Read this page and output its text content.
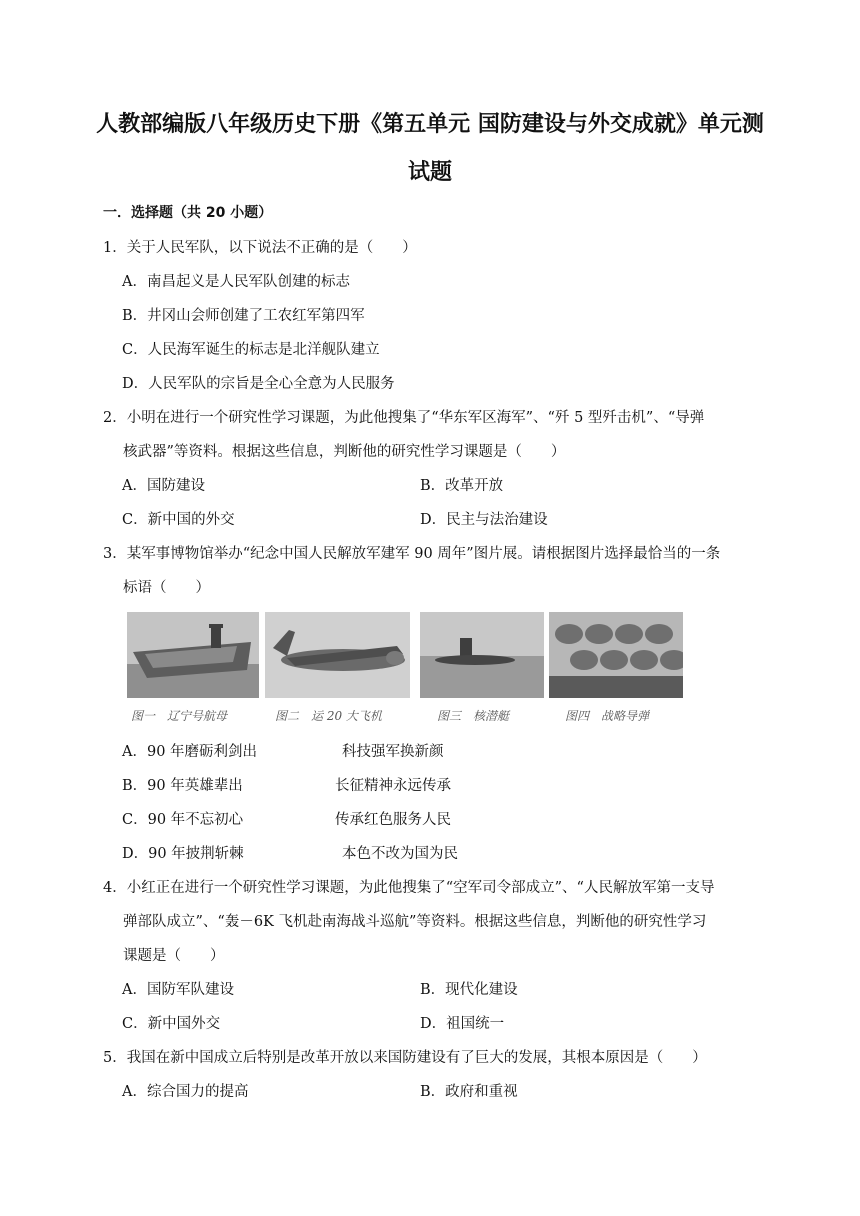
人教部编版八年级历史下册《第五单元 国防建设与外交成就》单元测
试题
一．选择题（共 20 小题）
1．关于人民军队，以下说法不正确的是（　　）
A．南昌起义是人民军队创建的标志
B．井冈山会师创建了工农红军第四军
C．人民海军诞生的标志是北洋舰队建立
D．人民军队的宗旨是全心全意为人民服务
2．小明在进行一个研究性学习课题，为此他搜集了“华东军区海军”、“歼 5 型歼击机”、“导弹
核武器”等资料。根据这些信息，判断他的研究性学习课题是（　　）
A．国防建设	B．改革开放
C．新中国的外交	D．民主与法治建设
3．某军事博物馆举办“纪念中国人民解放军建军 90 周年”图片展。请根据图片选择最恰当的一条
标语（　　）
图一　辽宁号航母	图二　运 20 大飞机	图三　核潜艇	图四　战略导弹
A．90 年磨砺利剑出	科技强军换新颜
B．90 年英雄辈出	长征精神永远传承
C．90 年不忘初心	传承红色服务人民
D．90 年披荆斩棘	本色不改为国为民
4．小红正在进行一个研究性学习课题，为此他搜集了“空军司令部成立”、“人民解放军第一支导
弹部队成立”、“轰－6K 飞机赴南海战斗巡航”等资料。根据这些信息，判断他的研究性学习
课题是（　　）
A．国防军队建设	B．现代化建设
C．新中国外交	D．祖国统一
5．我国在新中国成立后特别是改革开放以来国防建设有了巨大的发展，其根本原因是（　　）
A．综合国力的提高	B．政府和重视
